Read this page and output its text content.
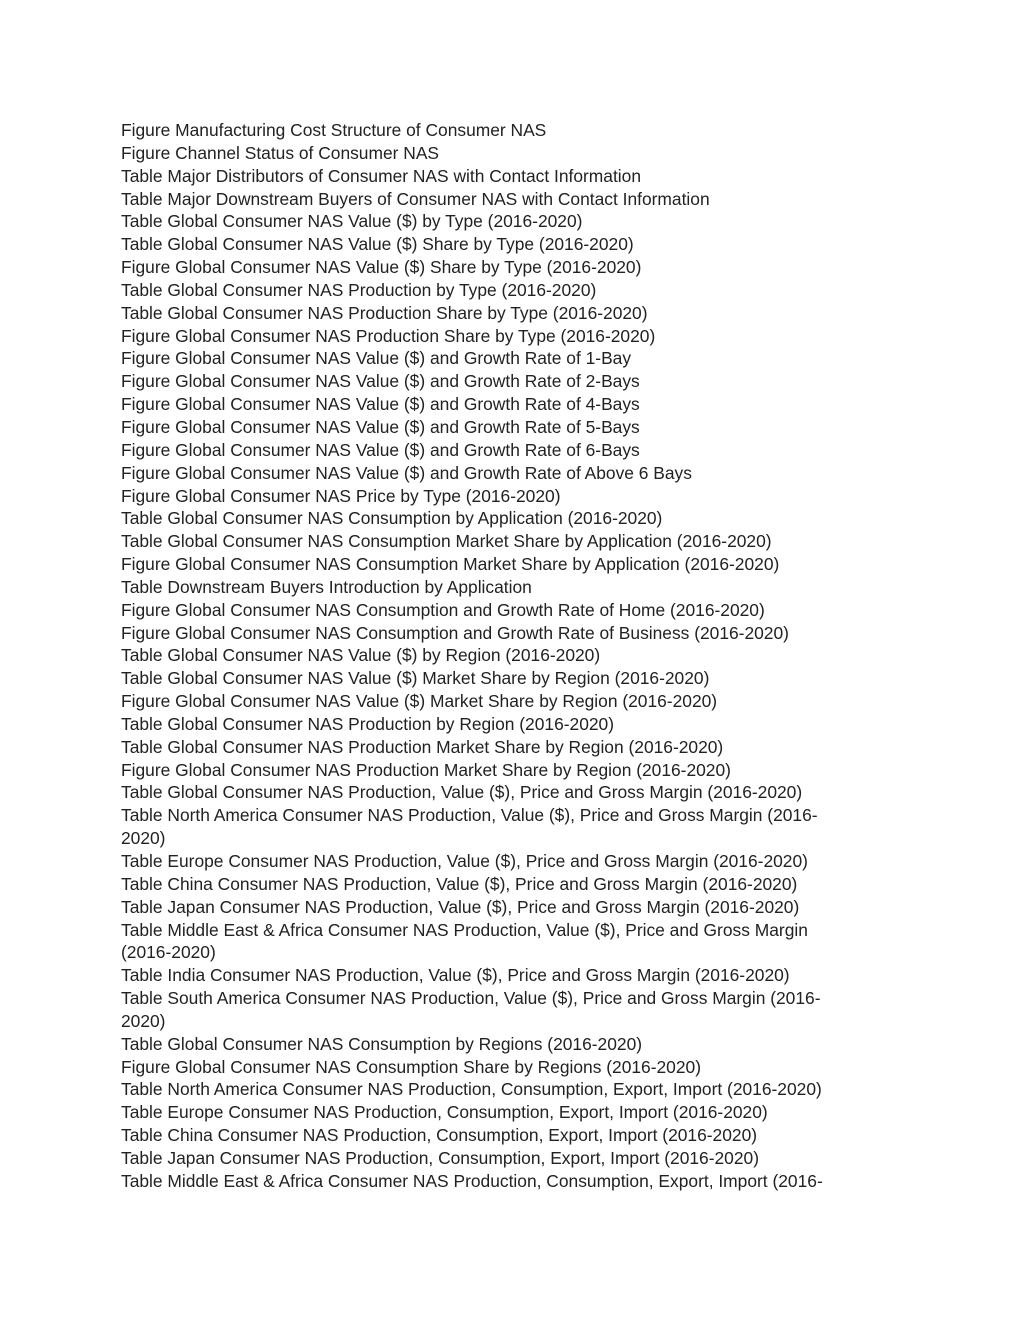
Figure Manufacturing Cost Structure of Consumer NAS
Figure Channel Status of Consumer NAS
Table Major Distributors of Consumer NAS with Contact Information
Table Major Downstream Buyers of Consumer NAS with Contact Information
Table Global Consumer NAS Value ($) by Type (2016-2020)
Table Global Consumer NAS Value ($) Share by Type (2016-2020)
Figure Global Consumer NAS Value ($) Share by Type (2016-2020)
Table Global Consumer NAS Production by Type (2016-2020)
Table Global Consumer NAS Production Share by Type (2016-2020)
Figure Global Consumer NAS Production Share by Type (2016-2020)
Figure Global Consumer NAS Value ($) and Growth Rate of 1-Bay
Figure Global Consumer NAS Value ($) and Growth Rate of 2-Bays
Figure Global Consumer NAS Value ($) and Growth Rate of 4-Bays
Figure Global Consumer NAS Value ($) and Growth Rate of 5-Bays
Figure Global Consumer NAS Value ($) and Growth Rate of 6-Bays
Figure Global Consumer NAS Value ($) and Growth Rate of Above 6 Bays
Figure Global Consumer NAS Price by Type (2016-2020)
Table Global Consumer NAS Consumption by Application (2016-2020)
Table Global Consumer NAS Consumption Market Share by Application (2016-2020)
Figure Global Consumer NAS Consumption Market Share by Application (2016-2020)
Table Downstream Buyers Introduction by Application
Figure Global Consumer NAS Consumption and Growth Rate of Home (2016-2020)
Figure Global Consumer NAS Consumption and Growth Rate of Business (2016-2020)
Table Global Consumer NAS Value ($) by Region (2016-2020)
Table Global Consumer NAS Value ($) Market Share by Region (2016-2020)
Figure Global Consumer NAS Value ($) Market Share by Region (2016-2020)
Table Global Consumer NAS Production by Region (2016-2020)
Table Global Consumer NAS Production Market Share by Region (2016-2020)
Figure Global Consumer NAS Production Market Share by Region (2016-2020)
Table Global Consumer NAS Production, Value ($), Price and Gross Margin (2016-2020)
Table North America Consumer NAS Production, Value ($), Price and Gross Margin (2016-
2020)
Table Europe Consumer NAS Production, Value ($), Price and Gross Margin (2016-2020)
Table China Consumer NAS Production, Value ($), Price and Gross Margin (2016-2020)
Table Japan Consumer NAS Production, Value ($), Price and Gross Margin (2016-2020)
Table Middle East & Africa Consumer NAS Production, Value ($), Price and Gross Margin
(2016-2020)
Table India Consumer NAS Production, Value ($), Price and Gross Margin (2016-2020)
Table South America Consumer NAS Production, Value ($), Price and Gross Margin (2016-
2020)
Table Global Consumer NAS Consumption by Regions (2016-2020)
Figure Global Consumer NAS Consumption Share by Regions (2016-2020)
Table North America Consumer NAS Production, Consumption, Export, Import (2016-2020)
Table Europe Consumer NAS Production, Consumption, Export, Import (2016-2020)
Table China Consumer NAS Production, Consumption, Export, Import (2016-2020)
Table Japan Consumer NAS Production, Consumption, Export, Import (2016-2020)
Table Middle East & Africa Consumer NAS Production, Consumption, Export, Import (2016-
